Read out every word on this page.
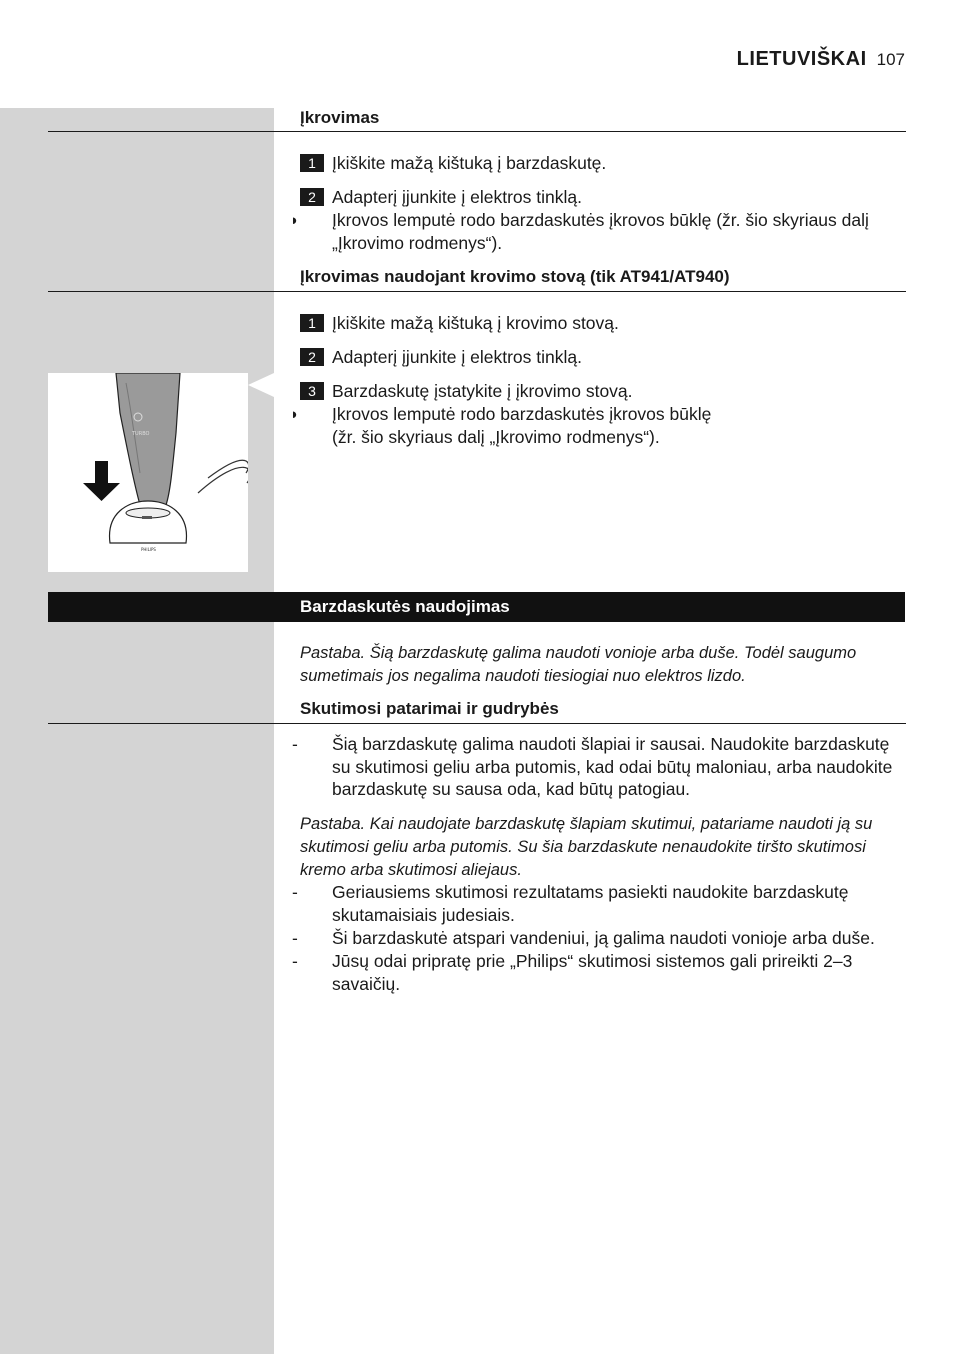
LIETUVIŠKAI 107
Įkrovimas
1 Įkiškite mažą kištuką į barzdaskutę.
2 Adapterį įjunkite į elektros tinklą.
◗	Įkrovos lemputė rodo barzdaskutės įkrovos būklę (žr. šio skyriaus dalį „Įkrovimo rodmenys“).
Įkrovimas naudojant krovimo stovą (tik AT941/AT940)
1 Įkiškite mažą kištuką į krovimo stovą.
2 Adapterį įjunkite į elektros tinklą.
3 Barzdaskutę įstatykite į įkrovimo stovą.
◗	Įkrovos lemputė rodo barzdaskutės įkrovos būklę
(žr. šio skyriaus dalį „Įkrovimo rodmenys“).
TURBO
PHILIPS
Barzdaskutės naudojimas
Pastaba. Šią barzdaskutę galima naudoti vonioje arba duše. Todėl saugumo sumetimais jos negalima naudoti tiesiogiai nuo elektros lizdo.
Skutimosi patarimai ir gudrybės
-	Šią barzdaskutę galima naudoti šlapiai ir sausai. Naudokite barzdaskutę su skutimosi geliu arba putomis, kad odai būtų maloniau, arba naudokite barzdaskutę su sausa oda, kad būtų patogiau.
Pastaba. Kai naudojate barzdaskutę šlapiam skutimui, patariame naudoti ją su skutimosi geliu arba putomis. Su šia barzdaskute nenaudokite tiršto skutimosi kremo arba skutimosi aliejaus.
-	Geriausiems skutimosi rezultatams pasiekti naudokite barzdaskutę skutamaisiais judesiais.
-	Ši barzdaskutė atspari vandeniui, ją galima naudoti vonioje arba duše.
-	Jūsų odai pripratę prie „Philips“ skutimosi sistemos gali prireikti 2–3 savaičių.
